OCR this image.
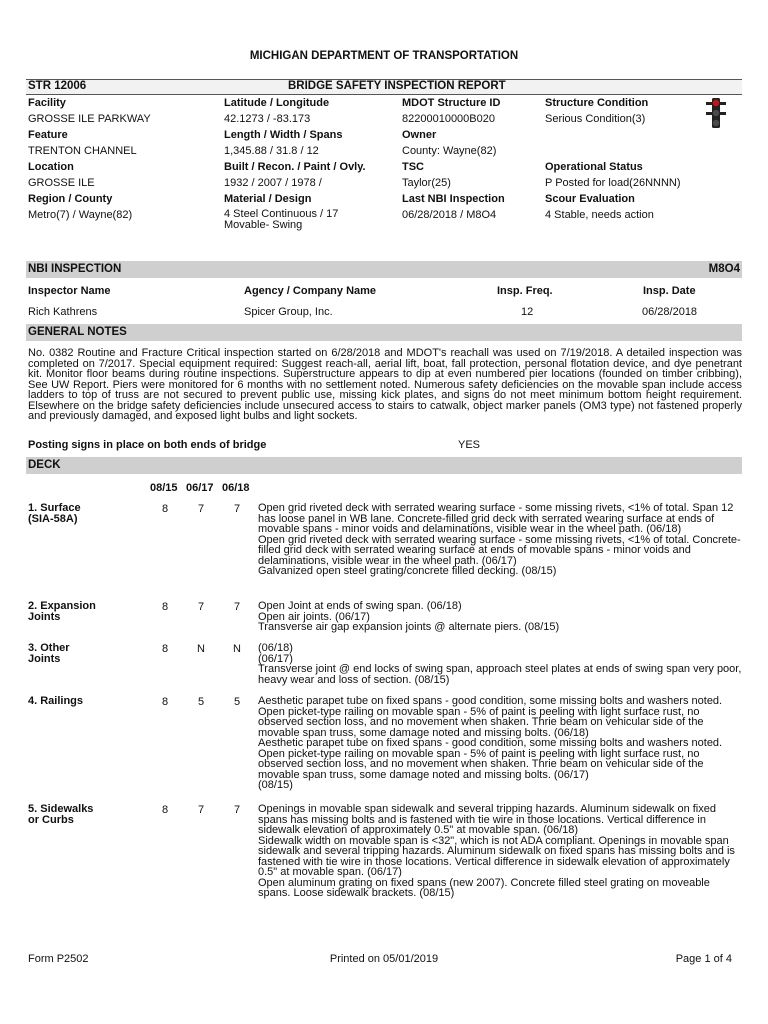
MICHIGAN DEPARTMENT OF TRANSPORTATION
STR 12006	BRIDGE SAFETY INSPECTION REPORT
Facility
GROSSE ILE PARKWAY
Feature
TRENTON CHANNEL
Location
GROSSE ILE
Region / County
Metro(7) / Wayne(82)
Latitude / Longitude
42.1273 / -83.173
Length / Width / Spans
1,345.88 / 31.8 / 12
Built / Recon. / Paint / Ovly.
1932 / 2007 / 1978 /
Material / Design
4 Steel Continuous / 17 Movable- Swing
MDOT Structure ID
82200010000B020
Owner
County: Wayne(82)
TSC
Taylor(25)
Last NBI Inspection
06/28/2018 / M8O4
Structure Condition
Serious Condition(3)
Operational Status
P Posted for load(26NNNN)
Scour Evaluation
4 Stable, needs action
NBI INSPECTION	M8O4
Inspector Name	Agency / Company Name	Insp. Freq.	Insp. Date
Rich Kathrens	Spicer Group, Inc.	12	06/28/2018
GENERAL NOTES
No. 0382 Routine and Fracture Critical inspection started on 6/28/2018 and MDOT's reachall was used on 7/19/2018. A detailed inspection was completed on 7/2017. Special equipment required: Suggest reach-all, aerial lift, boat, fall protection, personal flotation device, and dye penetrant kit. Monitor floor beams during routine inspections. Superstructure appears to dip at even numbered pier locations (founded on timber cribbing), See UW Report. Piers were monitored for 6 months with no settlement noted. Numerous safety deficiencies on the movable span include access ladders to top of truss are not secured to prevent public use, missing kick plates, and signs do not meet minimum bottom height requirement. Elsewhere on the bridge safety deficiencies include unsecured access to stairs to catwalk, object marker panels (OM3 type) not fastened properly and previously damaged, and exposed light bulbs and light sockets.
Posting signs in place on both ends of bridge	YES
DECK
08/15 06/17 06/18
1. Surface
(SIA-58A)
8	7	7	Open grid riveted deck with serrated wearing surface - some missing rivets, <1% of total. Span 12 has loose panel in WB lane. Concrete-filled grid deck with serrated wearing surface at ends of movable spans - minor voids and delaminations, visible wear in the wheel path. (06/18)
Open grid riveted deck with serrated wearing surface - some missing rivets, <1% of total. Concrete-filled grid deck with serrated wearing surface at ends of movable spans - minor voids and delaminations, visible wear in the wheel path. (06/17)
Galvanized open steel grating/concrete filled decking. (08/15)
2. Expansion
Joints
8	7	7	Open Joint at ends of swing span. (06/18)
Open air joints. (06/17)
Transverse air gap expansion joints @ alternate piers. (08/15)
3. Other
Joints
8	N	N	(06/18)
(06/17)
Transverse joint @ end locks of swing span, approach steel plates at ends of swing span very poor, heavy wear and loss of section. (08/15)
4. Railings	8	5	5	Aesthetic parapet tube on fixed spans - good condition, some missing bolts and washers noted. Open picket-type railing on movable span - 5% of paint is peeling with light surface rust, no observed section loss, and no movement when shaken. Thrie beam on vehicular side of the movable span truss, some damage noted and missing bolts. (06/18)
Aesthetic parapet tube on fixed spans - good condition, some missing bolts and washers noted. Open picket-type railing on movable span - 5% of paint is peeling with light surface rust, no observed section loss, and no movement when shaken. Thrie beam on vehicular side of the movable span truss, some damage noted and missing bolts. (06/17)
(08/15)
5. Sidewalks
or Curbs
8	7	7	Openings in movable span sidewalk and several tripping hazards. Aluminum sidewalk on fixed spans has missing bolts and is fastened with tie wire in those locations. Vertical difference in sidewalk elevation of approximately 0.5" at movable span. (06/18)
Sidewalk width on movable span is <32", which is not ADA compliant. Openings in movable span sidewalk and several tripping hazards. Aluminum sidewalk on fixed spans has missing bolts and is fastened with tie wire in those locations. Vertical difference in sidewalk elevation of approximately 0.5" at movable span. (06/17)
Open aluminum grating on fixed spans (new 2007). Concrete filled steel grating on moveable spans. Loose sidewalk brackets. (08/15)
Form P2502	Printed on 05/01/2019	Page 1 of 4
